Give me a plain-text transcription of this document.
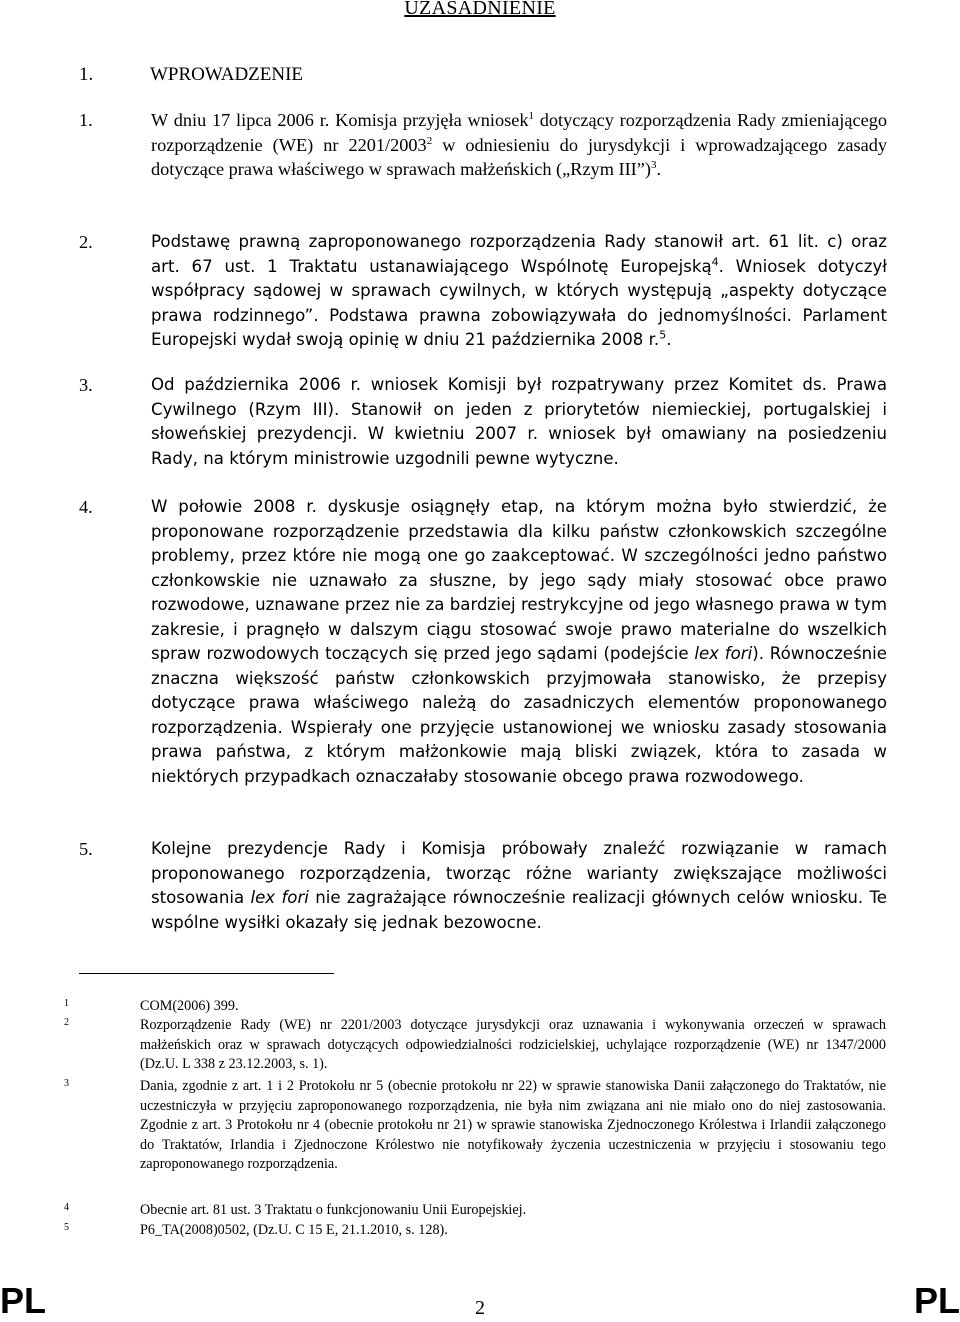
UZASADNIENIE
1.	WPROWADZENIE
1.	W dniu 17 lipca 2006 r. Komisja przyjęła wniosek$^1$ dotyczący rozporządzenia Rady zmieniającego rozporządzenie (WE) nr 2201/2003$^2$ w odniesieniu do jurysdykcji i wprowadzającego zasady dotyczące prawa właściwego w sprawach małżeńskich („Rzym III”)$^3$.
2.	Podstawę prawną zaproponowanego rozporządzenia Rady stanowił art. 61 lit. c) oraz art. 67 ust. 1 Traktatu ustanawiającego Wspólnotę Europejską$^4$. Wniosek dotyczył współpracy sądowej w sprawach cywilnych, w których występują „aspekty dotyczące prawa rodzinnego”. Podstawa prawna zobowiązywała do jednomyślności. Parlament Europejski wydał swoją opinię w dniu 21 października 2008 r.$^5$.
3.	Od października 2006 r. wniosek Komisji był rozpatrywany przez Komitet ds. Prawa Cywilnego (Rzym III). Stanowił on jeden z priorytetów niemieckiej, portugalskiej i słoweńskiej prezydencji. W kwietniu 2007 r. wniosek był omawiany na posiedzeniu Rady, na którym ministrowie uzgodnili pewne wytyczne.
4.	W połowie 2008 r. dyskusje osiągnęły etap, na którym można było stwierdzić, że proponowane rozporządzenie przedstawia dla kilku państw członkowskich szczególne problemy, przez które nie mogą one go zaakceptować. W szczególności jedno państwo członkowskie nie uznawało za słuszne, by jego sądy miały stosować obce prawo rozwodowe, uznawane przez nie za bardziej restrykcyjne od jego własnego prawa w tym zakresie, i pragnęło w dalszym ciągu stosować swoje prawo materialne do wszelkich spraw rozwodowych toczących się przed jego sądami (podejście lex fori). Równocześnie znaczna większość państw członkowskich przyjmowała stanowisko, że przepisy dotyczące prawa właściwego należą do zasadniczych elementów proponowanego rozporządzenia. Wspierały one przyjęcie ustanowionej we wniosku zasady stosowania prawa państwa, z którym małżonkowie mają bliski związek, która to zasada w niektórych przypadkach oznaczałaby stosowanie obcego prawa rozwodowego.
5.	Kolejne prezydencje Rady i Komisja próbowały znaleźć rozwiązanie w ramach proponowanego rozporządzenia, tworząc różne warianty zwiększające możliwości stosowania lex fori nie zagrażające równocześnie realizacji głównych celów wniosku. Te wspólne wysiłki okazały się jednak bezowocne.
1	COM(2006) 399.
2	Rozporządzenie Rady (WE) nr 2201/2003 dotyczące jurysdykcji oraz uznawania i wykonywania orzeczeń w sprawach małżeńskich oraz w sprawach dotyczących odpowiedzialności rodzicielskiej, uchylające rozporządzenie (WE) nr 1347/2000 (Dz.U. L 338 z 23.12.2003, s. 1).
3	Dania, zgodnie z art. 1 i 2 Protokołu nr 5 (obecnie protokołu nr 22) w sprawie stanowiska Danii załączonego do Traktatów, nie uczestniczyła w przyjęciu zaproponowanego rozporządzenia, nie była nim związana ani nie miało ono do niej zastosowania. Zgodnie z art. 3 Protokołu nr 4 (obecnie protokołu nr 21) w sprawie stanowiska Zjednoczonego Królestwa i Irlandii załączonego do Traktatów, Irlandia i Zjednoczone Królestwo nie notyfikowały życzenia uczestniczenia w przyjęciu i stosowaniu tego zaproponowanego rozporządzenia.
4	Obecnie art. 81 ust. 3 Traktatu o funkcjonowaniu Unii Europejskiej.
5	P6_TA(2008)0502, (Dz.U. C 15 E, 21.1.2010, s. 128).
PL	2	PL
